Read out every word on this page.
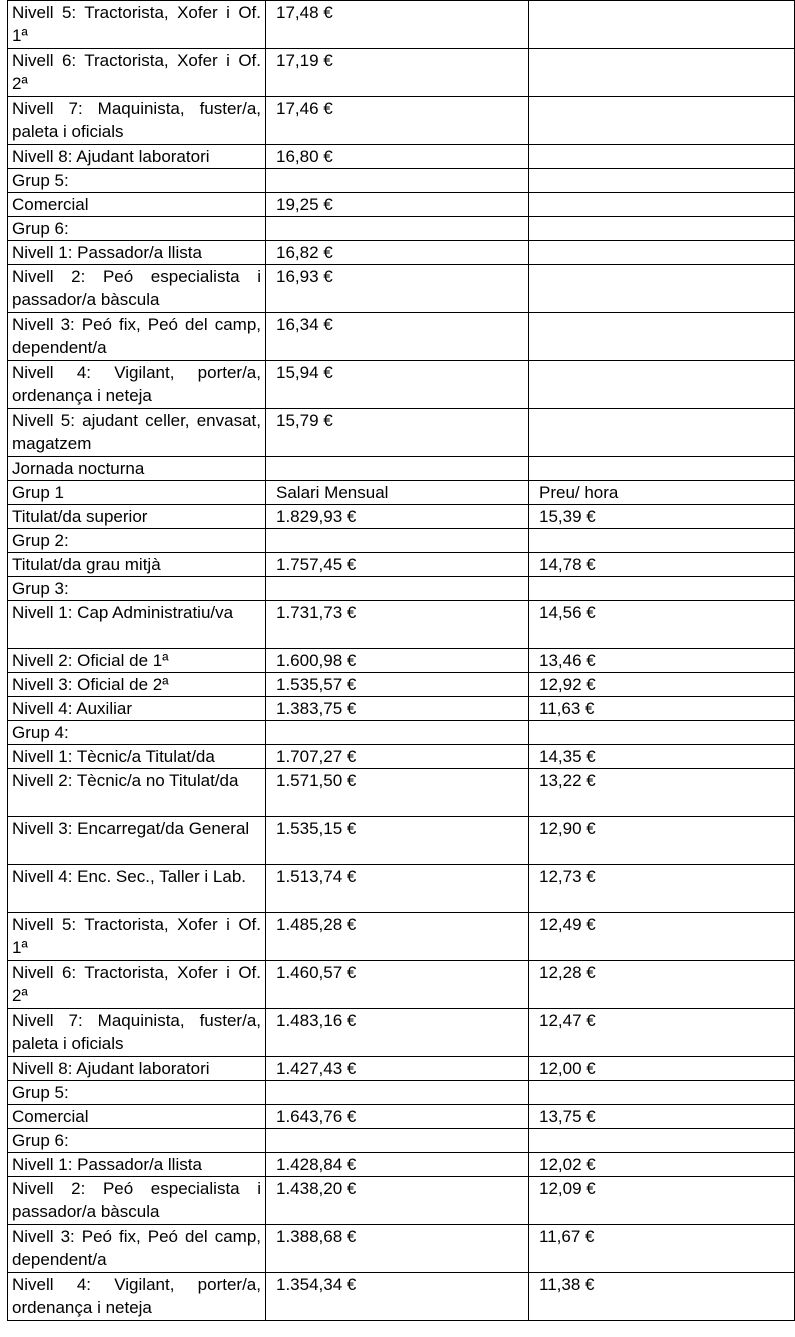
Nivell 5: Tractorista, Xofer i Of. 1ª	17,48 €	
Nivell 6: Tractorista, Xofer i Of. 2ª	17,19 €	
Nivell 7: Maquinista, fuster/a, paleta i oficials	17,46 €	
Nivell 8: Ajudant laboratori	16,80 €	
Grup 5:		
Comercial	19,25 €	
Grup 6:		
Nivell 1: Passador/a llista	16,82 €	
Nivell 2: Peó especialista i passador/a bàscula	16,93 €	
Nivell 3: Peó fix, Peó del camp, dependent/a	16,34 €	
Nivell 4: Vigilant, porter/a, ordenança i neteja	15,94 €	
Nivell 5: ajudant celler, envasat, magatzem	15,79 €	
Jornada nocturna		
Grup 1	Salari Mensual	Preu/ hora
Titulat/da superior	1.829,93 €	15,39 €
Grup 2:		
Titulat/da grau mitjà	1.757,45 €	14,78 €
Grup 3:		
Nivell 1: Cap Administratiu/va	1.731,73 €	14,56 €
Nivell 2: Oficial de 1ª	1.600,98 €	13,46 €
Nivell 3: Oficial de 2ª	1.535,57 €	12,92 €
Nivell 4: Auxiliar	1.383,75 €	11,63 €
Grup 4:		
Nivell 1: Tècnic/a Titulat/da	1.707,27 €	14,35 €
Nivell 2: Tècnic/a no Titulat/da	1.571,50 €	13,22 €
Nivell 3: Encarregat/da General	1.535,15 €	12,90 €
Nivell 4: Enc. Sec., Taller i Lab.	1.513,74 €	12,73 €
Nivell 5: Tractorista, Xofer i Of. 1ª	1.485,28 €	12,49 €
Nivell 6: Tractorista, Xofer i Of. 2ª	1.460,57 €	12,28 €
Nivell 7: Maquinista, fuster/a, paleta i oficials	1.483,16 €	12,47 €
Nivell 8: Ajudant laboratori	1.427,43 €	12,00 €
Grup 5:		
Comercial	1.643,76 €	13,75 €
Grup 6:		
Nivell 1: Passador/a llista	1.428,84 €	12,02 €
Nivell 2: Peó especialista i passador/a bàscula	1.438,20 €	12,09 €
Nivell 3: Peó fix, Peó del camp, dependent/a	1.388,68 €	11,67 €
Nivell 4: Vigilant, porter/a, ordenança i neteja	1.354,34 €	11,38 €
